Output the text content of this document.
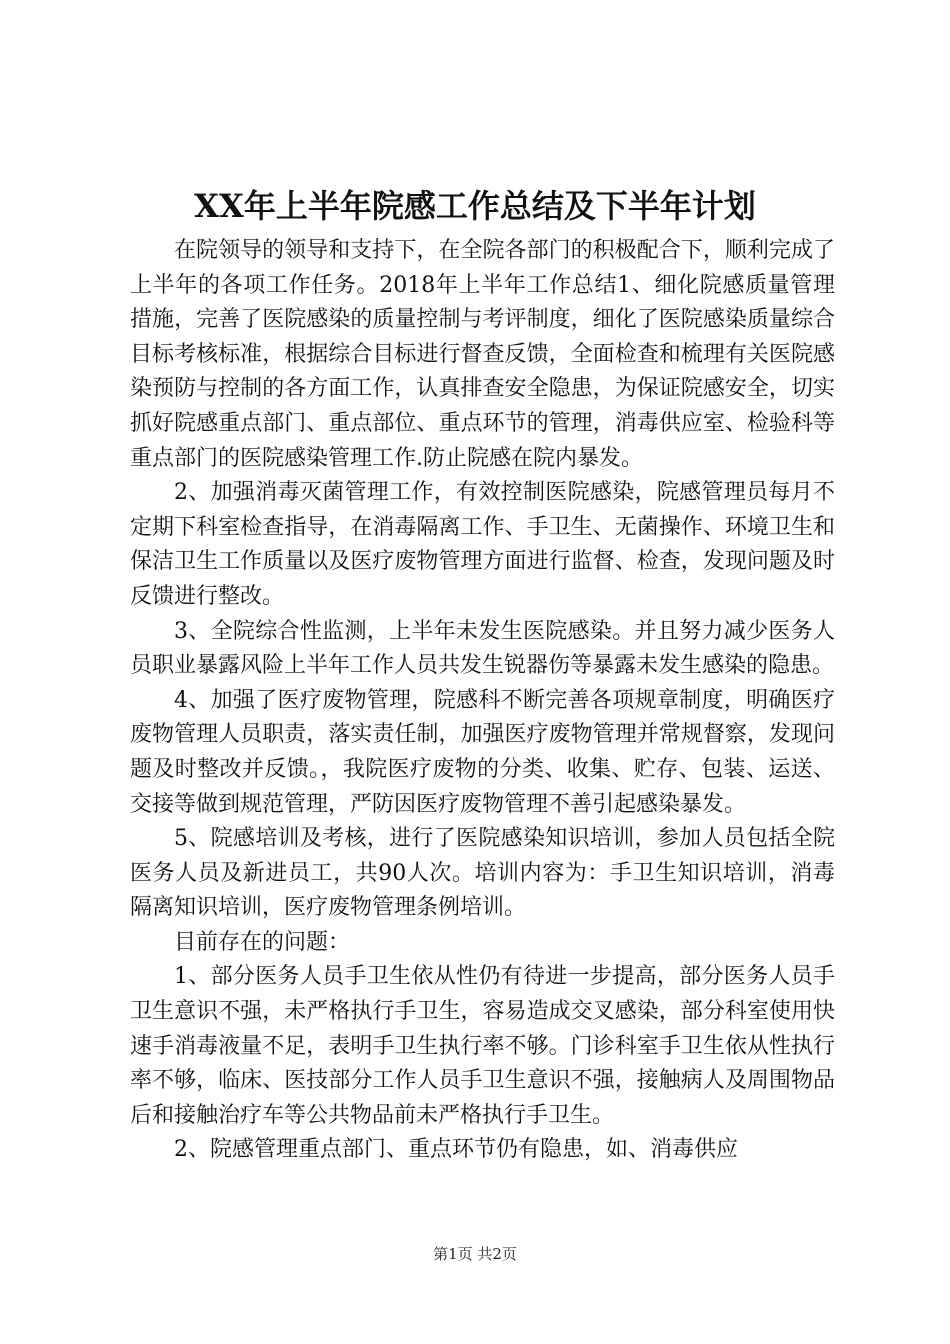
XX年上半年院感工作总结及下半年计划

在院领导的领导和支持下，在全院各部门的积极配合下，顺利完成了上半年的各项工作任务。2018年上半年工作总结1、细化院感质量管理措施，完善了医院感染的质量控制与考评制度，细化了医院感染质量综合目标考核标准，根据综合目标进行督查反馈，全面检查和梳理有关医院感染预防与控制的各方面工作，认真排查安全隐患，为保证院感安全，切实抓好院感重点部门、重点部位、重点环节的管理，消毒供应室、检验科等重点部门的医院感染管理工作.防止院感在院内暴发。

2、加强消毒灭菌管理工作，有效控制医院感染，院感管理员每月不定期下科室检查指导，在消毒隔离工作、手卫生、无菌操作、环境卫生和保洁卫生工作质量以及医疗废物管理方面进行监督、检查，发现问题及时反馈进行整改。

3、全院综合性监测，上半年未发生医院感染。并且努力减少医务人员职业暴露风险上半年工作人员共发生锐器伤等暴露未发生感染的隐患。

4、加强了医疗废物管理，院感科不断完善各项规章制度，明确医疗废物管理人员职责，落实责任制，加强医疗废物管理并常规督察，发现问题及时整改并反馈。，我院医疗废物的分类、收集、贮存、包装、运送、交接等做到规范管理，严防因医疗废物管理不善引起感染暴发。

5、院感培训及考核，进行了医院感染知识培训，参加人员包括全院医务人员及新进员工，共90人次。培训内容为：手卫生知识培训，消毒隔离知识培训，医疗废物管理条例培训。

目前存在的问题：

1、部分医务人员手卫生依从性仍有待进一步提高，部分医务人员手卫生意识不强，未严格执行手卫生，容易造成交叉感染，部分科室使用快速手消毒液量不足，表明手卫生执行率不够。门诊科室手卫生依从性执行率不够，临床、医技部分工作人员手卫生意识不强，接触病人及周围物品后和接触治疗车等公共物品前未严格执行手卫生。

2、院感管理重点部门、重点环节仍有隐患，如、消毒供应

第1页 共2页
